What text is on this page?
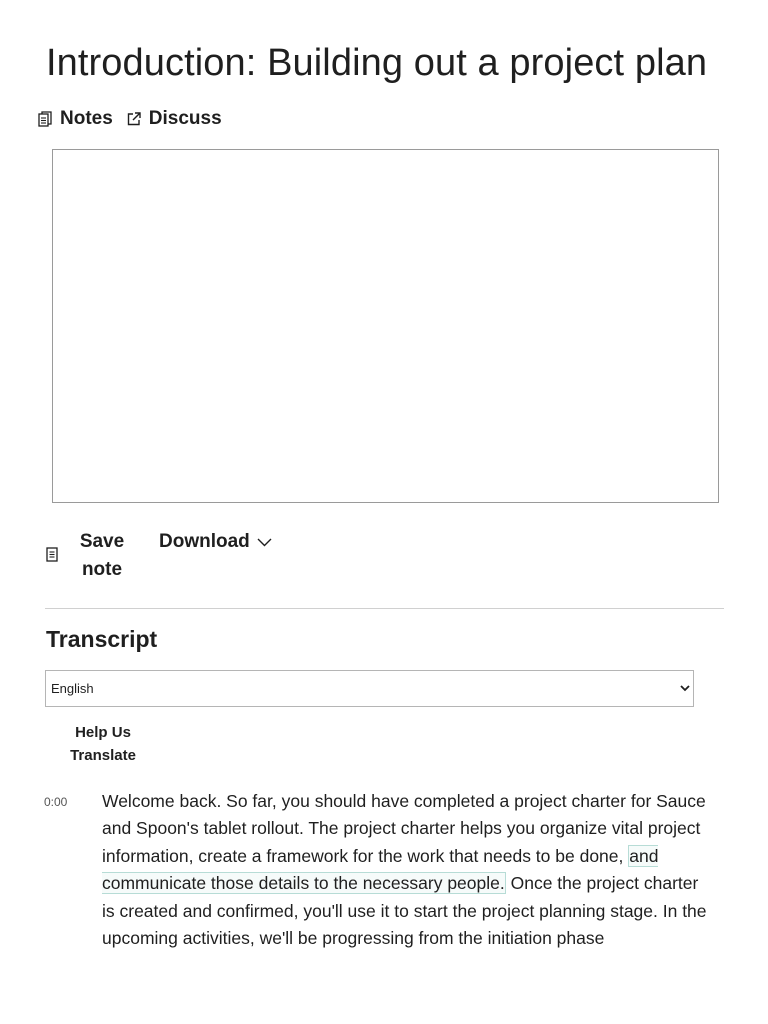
Introduction: Building out a project plan
Notes Discuss
Save note
Download
Transcript
English
Help Us Translate
0:00 Welcome back. So far, you should have completed a project charter for Sauce and Spoon's tablet rollout. The project charter helps you organize vital project information, create a framework for the work that needs to be done, and communicate those details to the necessary people. Once the project charter is created and confirmed, you'll use it to start the project planning stage. In the upcoming activities, we'll be progressing from the initiation phase
